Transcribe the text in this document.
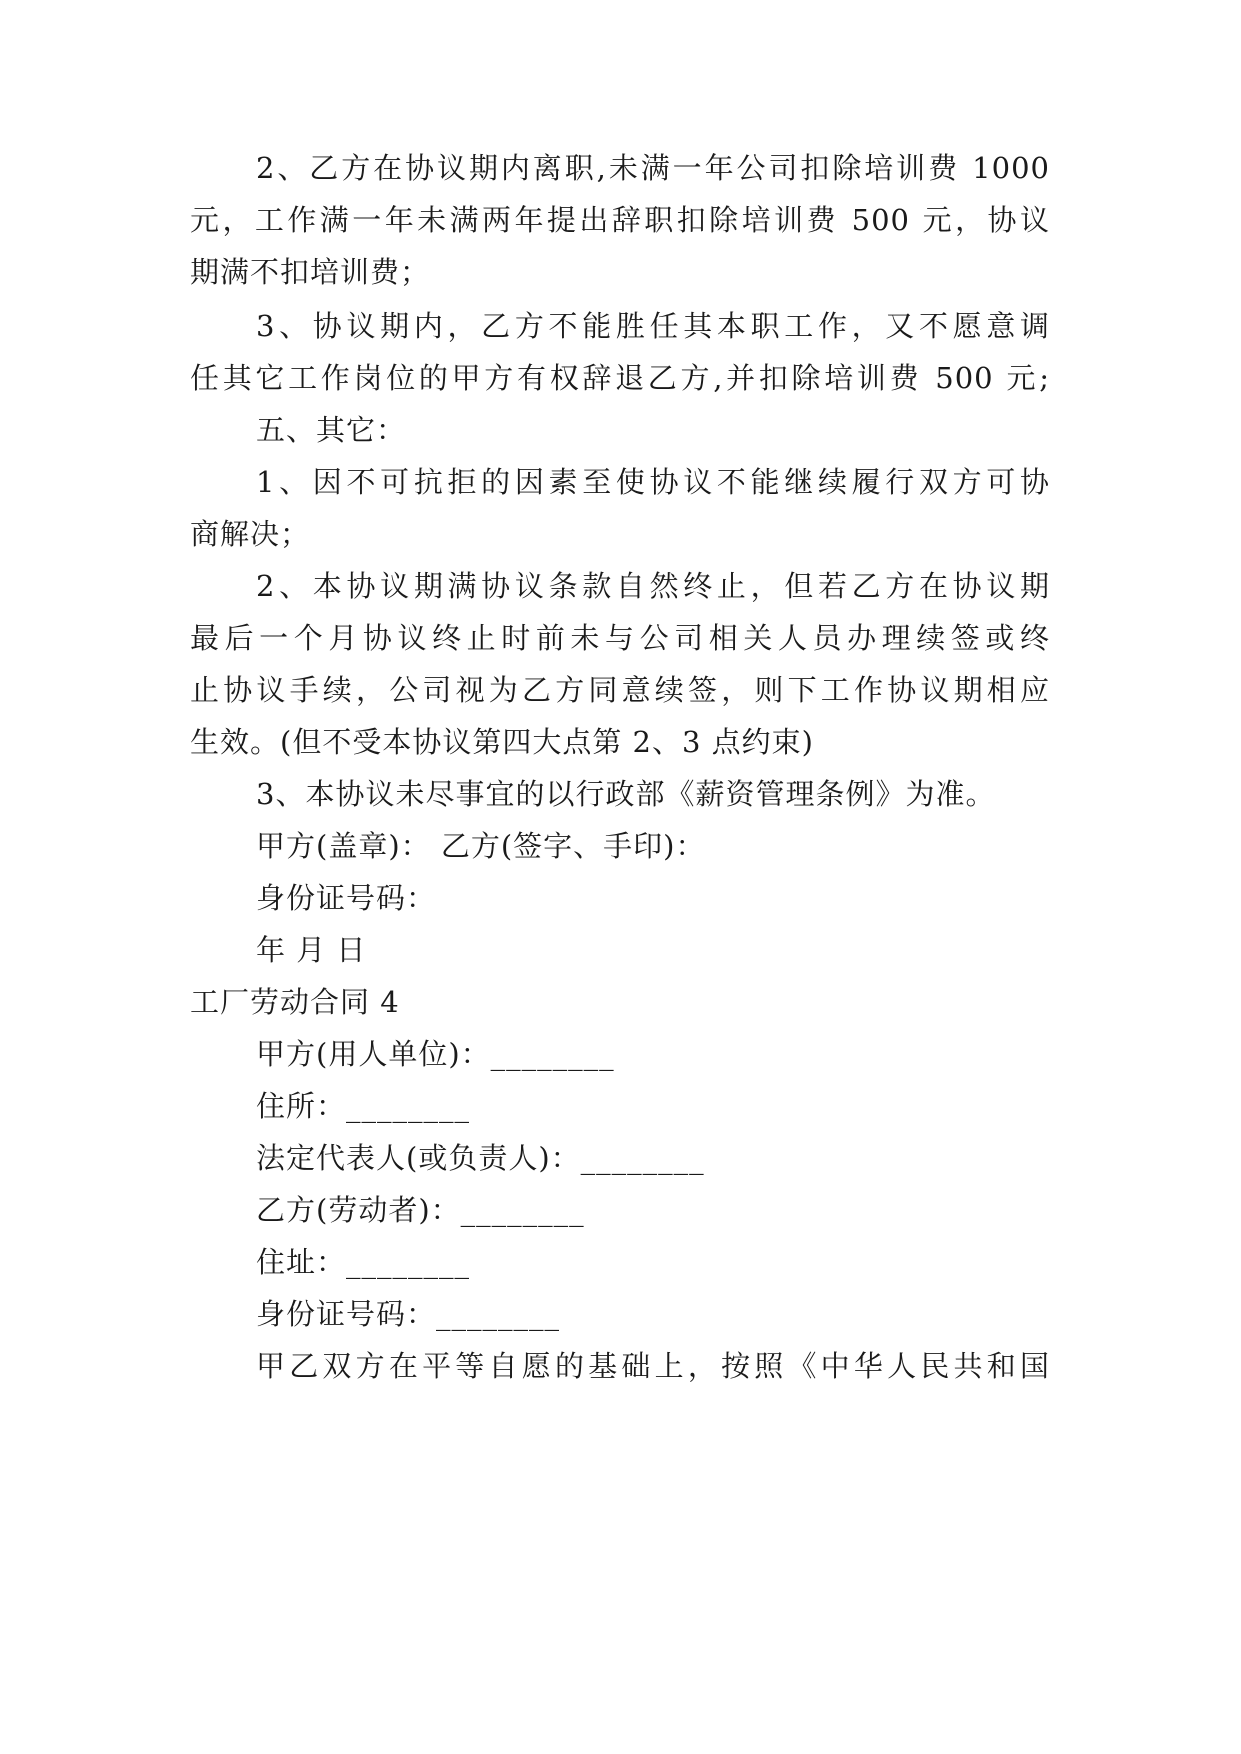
2、乙方在协议期内离职,未满一年公司扣除培训费 1000
元，工作满一年未满两年提出辞职扣除培训费 500 元，协议
期满不扣培训费；
3、协议期内，乙方不能胜任其本职工作，又不愿意调
任其它工作岗位的甲方有权辞退乙方,并扣除培训费 500 元;
五、其它：
1、因不可抗拒的因素至使协议不能继续履行双方可协
商解决；
2、本协议期满协议条款自然终止，但若乙方在协议期
最后一个月协议终止时前未与公司相关人员办理续签或终
止协议手续，公司视为乙方同意续签，则下工作协议期相应
生效。(但不受本协议第四大点第 2、3 点约束)
3、本协议未尽事宜的以行政部《薪资管理条例》为准。
甲方(盖章)： 乙方(签字、手印)：
身份证号码：
年 月 日
工厂劳动合同 4
甲方(用人单位)：________
住所：________
法定代表人(或负责人)：________
乙方(劳动者)：________
住址：________
身份证号码：________
甲乙双方在平等自愿的基础上，按照《中华人民共和国
